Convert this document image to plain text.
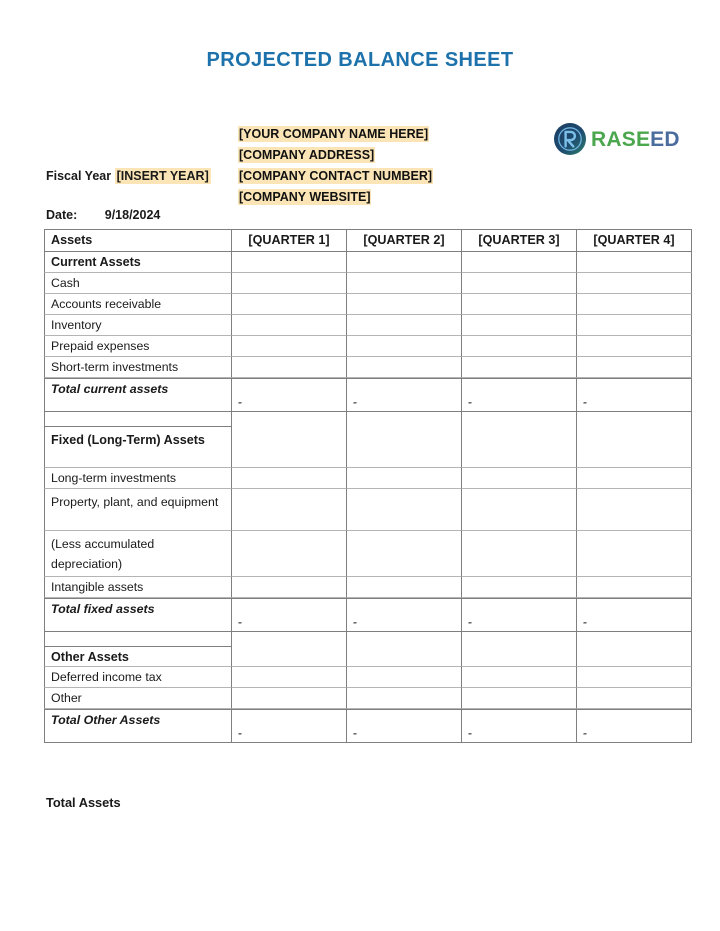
PROJECTED BALANCE SHEET
[YOUR COMPANY NAME HERE]
[COMPANY ADDRESS]
[COMPANY CONTACT NUMBER]
[COMPANY WEBSITE]
Fiscal Year [INSERT YEAR]
Date: 9/18/2024
RASE ED
Assets	[QUARTER 1]	[QUARTER 2]	[QUARTER 3]	[QUARTER 4]

Current Assets				

Cash				

Accounts receivable				

Inventory				

Prepaid expenses				

Short-term investments				

Total current assets	-	-	-	-

Fixed (Long-Term) Assets				

Long-term investments				

Property, plant, and equipment				

(Less accumulated depreciation)				

Intangible assets				

Total fixed assets	-	-	-	-

Other Assets				

Deferred income tax				

Other				

Total Other Assets	-	-	-	-
Total Assets
